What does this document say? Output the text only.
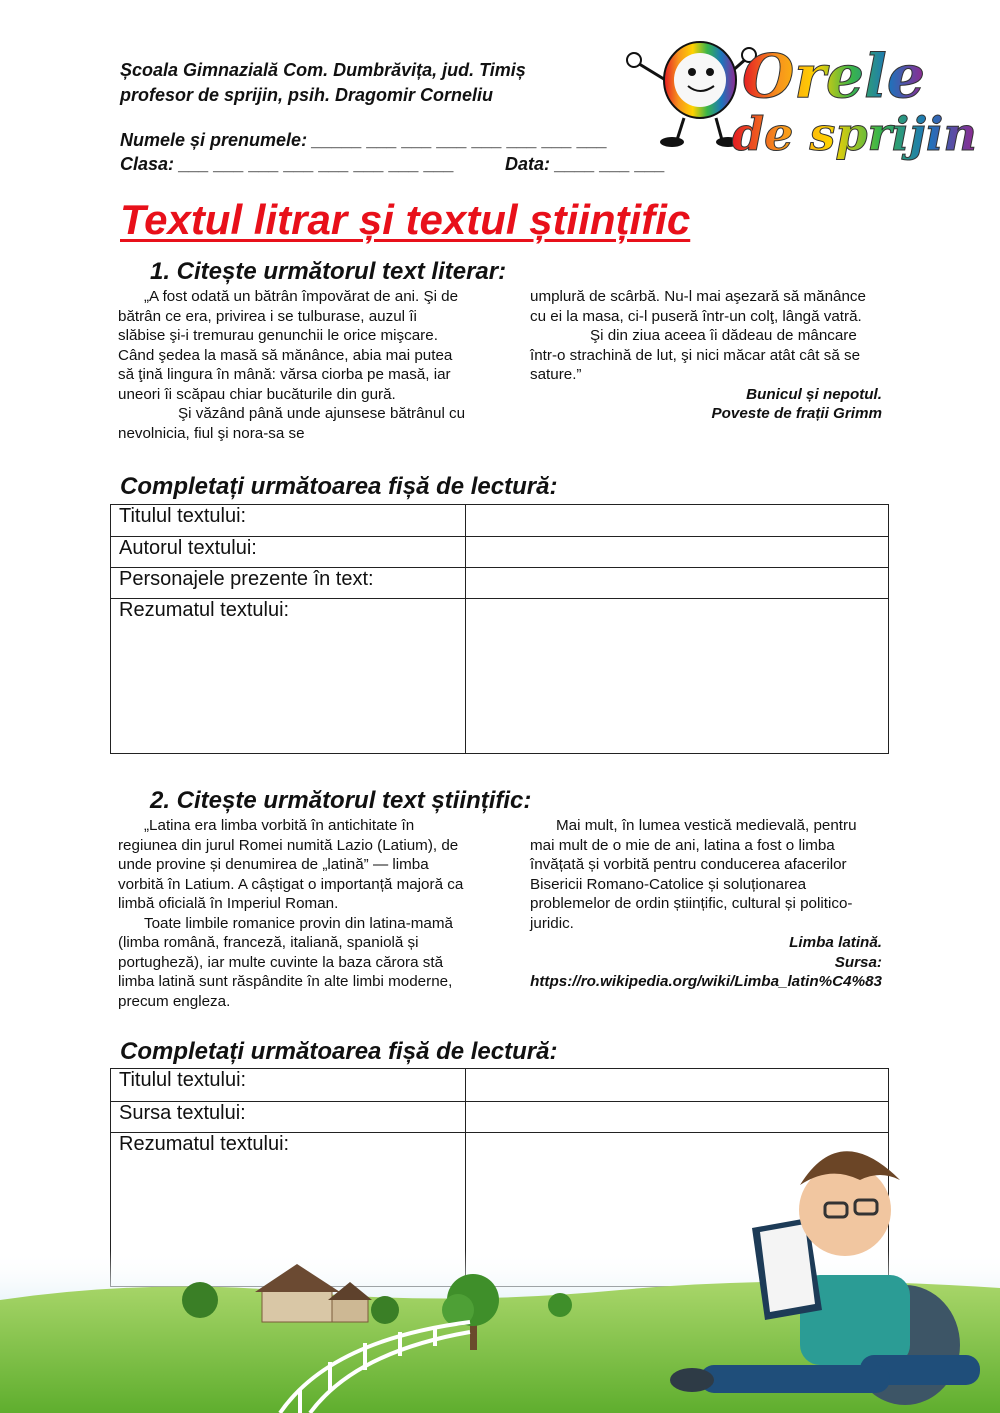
Școala Gimnazială Com. Dumbrăvița, jud. Timiș
profesor de sprijin, psih. Dragomir Corneliu
Numele și prenumele: _____ ___ ___ ___ ___ ___ ___ ___
Clasa: ___ ___ ___ ___ ___ ___ ___ ___	Data: ____ ___ ___
Orele
de sprijin
Textul litrar și textul științific
1. Citește următorul text literar:

„A fost odată un bătrân împovărat de ani. Şi de bătrân ce era, privirea i se tulburase, auzul îi slăbise şi-i tremurau genunchii le orice mişcare. Când şedea la masă să mănânce, abia mai putea să ţină lingura în mână: vărsa ciorba pe masă, iar uneori îi scăpau chiar bucăturile din gură.

Şi văzând până unde ajunsese bătrânul cu nevolnicia, fiul şi nora-sa se

umplură de scârbă. Nu-l mai aşezară să mănânce cu ei la masa, ci-l puseră într-un colţ, lângă vatră.

Şi din ziua aceea îi dădeau de mâncare într-o strachină de lut, şi nici măcar atât cât să se sature.”

Bunicul și nepotul.

Poveste de frații Grimm

Completați următoarea fișă de lectură:
Titulul textului:	
Autorul textului:	
Personajele prezente în text:	
Rezumatul textului:	
2. Citește următorul text științific:

„Latina era limba vorbită în antichitate în regiunea din jurul Romei numită Lazio (Latium), de unde provine și denumirea de „latină” — limba vorbită în Latium. A câștigat o importanță majoră ca limbă oficială în Imperiul Roman.

Toate limbile romanice provin din latina-mamă (limba română, franceză, italiană, spaniolă și portugheză), iar multe cuvinte la baza cărora stă limba latină sunt răspândite în alte limbi moderne, precum engleza.

Mai mult, în lumea vestică medievală, pentru mai mult de o mie de ani, latina a fost o limba învățată și vorbită pentru conducerea afacerilor Bisericii Romano-Catolice și soluționarea problemelor de ordin științific, cultural și politico-juridic.

Limba latină.

Sursa:

https://ro.wikipedia.org/wiki/Limba_latin%C4%83

Completați următoarea fișă de lectură:
Titulul textului:	
Sursa textului:	
Rezumatul textului:	
